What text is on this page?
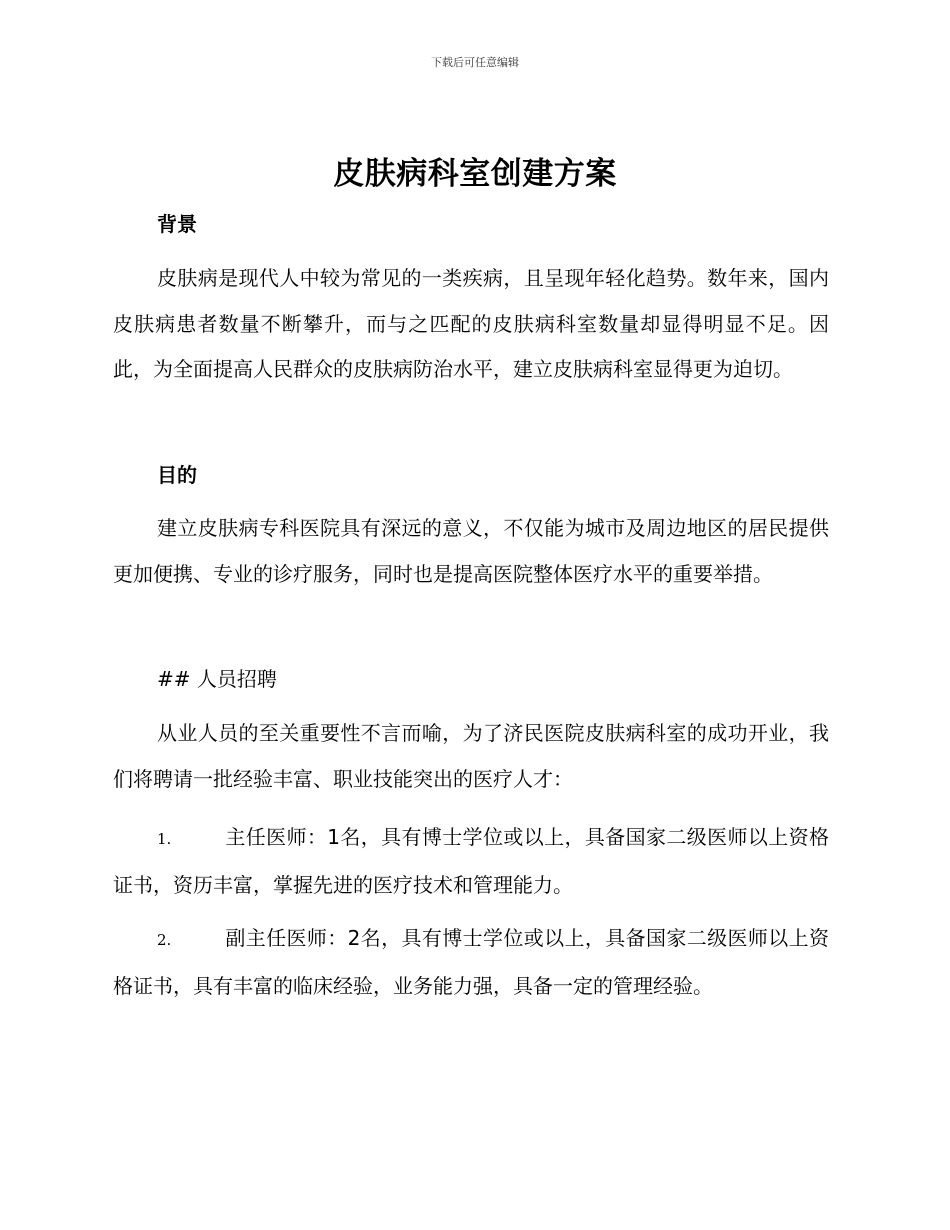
下载后可任意编辑
皮肤病科室创建方案
背景

皮肤病是现代人中较为常见的一类疾病，且呈现年轻化趋势。数年来，国内皮肤病患者数量不断攀升，而与之匹配的皮肤病科室数量却显得明显不足。因此，为全面提高人民群众的皮肤病防治水平，建立皮肤病科室显得更为迫切。

目的

建立皮肤病专科医院具有深远的意义，不仅能为城市及周边地区的居民提供更加便携、专业的诊疗服务，同时也是提高医院整体医疗水平的重要举措。

## 人员招聘

从业人员的至关重要性不言而喻，为了济民医院皮肤病科室的成功开业，我们将聘请一批经验丰富、职业技能突出的医疗人才：

1.	主任医师：1名，具有博士学位或以上，具备国家二级医师以上资格证书，资历丰富，掌握先进的医疗技术和管理能力。

2.	副主任医师：2名，具有博士学位或以上，具备国家二级医师以上资格证书，具有丰富的临床经验，业务能力强，具备一定的管理经验。
